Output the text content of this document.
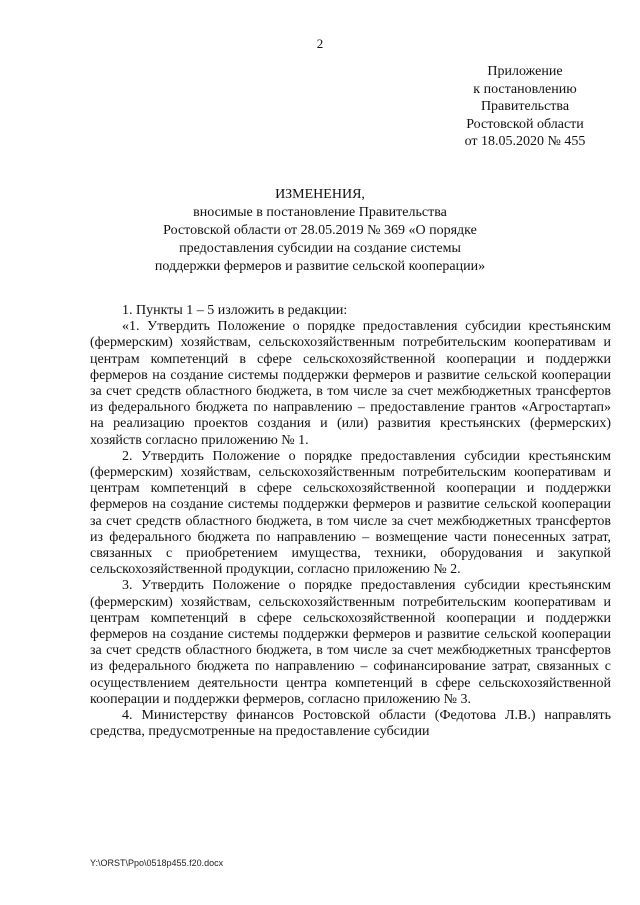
2
Приложение
к постановлению
Правительства
Ростовской области
от 18.05.2020 № 455
ИЗМЕНЕНИЯ,
вносимые в постановление Правительства
Ростовской области от 28.05.2019 № 369 «О порядке
предоставления субсидии на создание системы
поддержки фермеров и развитие сельской кооперации»

1. Пункты 1 – 5 изложить в редакции:

«1. Утвердить Положение о порядке предоставления субсидии крестьянским (фермерским) хозяйствам, сельскохозяйственным потребительским кооперативам и центрам компетенций в сфере сельскохозяйственной кооперации и поддержки фермеров на создание системы поддержки фермеров и развитие сельской кооперации за счет средств областного бюджета, в том числе за счет межбюджетных трансфертов из федерального бюджета по направлению – предоставление грантов «Агростартап» на реализацию проектов создания и (или) развития крестьянских (фермерских) хозяйств согласно приложению № 1.

2. Утвердить Положение о порядке предоставления субсидии крестьянским (фермерским) хозяйствам, сельскохозяйственным потребительским кооперативам и центрам компетенций в сфере сельскохозяйственной кооперации и поддержки фермеров на создание системы поддержки фермеров и развитие сельской кооперации за счет средств областного бюджета, в том числе за счет межбюджетных трансфертов из федерального бюджета по направлению – возмещение части понесенных затрат, связанных с приобретением имущества, техники, оборудования и закупкой сельскохозяйственной продукции, согласно приложению № 2.

3. Утвердить Положение о порядке предоставления субсидии крестьянским (фермерским) хозяйствам, сельскохозяйственным потребительским кооперативам и центрам компетенций в сфере сельскохозяйственной кооперации и поддержки фермеров на создание системы поддержки фермеров и развитие сельской кооперации за счет средств областного бюджета, в том числе за счет межбюджетных трансфертов из федерального бюджета по направлению – софинансирование затрат, связанных с осуществлением деятельности центра компетенций в сфере сельскохозяйственной кооперации и поддержки фермеров, согласно приложению № 3.

4. Министерству финансов Ростовской области (Федотова Л.В.) направлять средства, предусмотренные на предоставление субсидии

Y:\ORST\Ppo\0518p455.f20.docx
